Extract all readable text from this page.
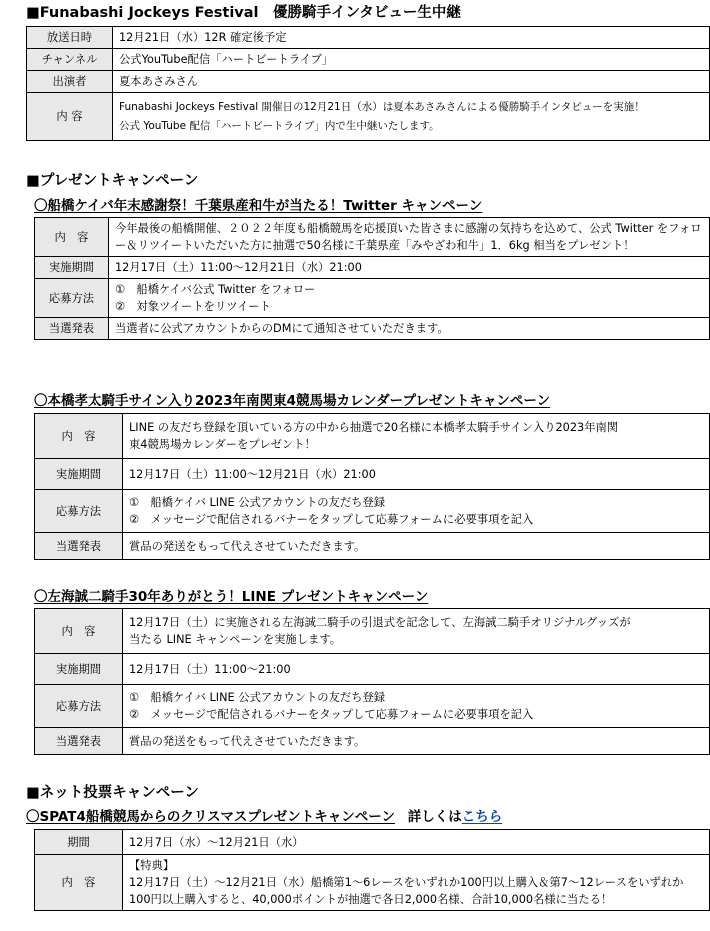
■Funabashi Jockeys Festival　優勝騎手インタビュー生中継
放送日時	12月21日（水）12R 確定後予定

チャンネル	公式YouTube配信「ハートビートライブ」

出演者	夏本あさみさん

内 容	Funabashi Jockeys Festival 開催日の12月21日（水）は夏本あさみさんによる優勝騎手インタビューを実施！
公式 YouTube 配信「ハートビートライブ」内で生中継いたします。
■プレゼントキャンペーン
〇船橋ケイバ年末感謝祭！千葉県産和牛が当たる！Twitter キャンペーン
内　容	今年最後の船橋開催、２０２２年度も船橋競馬を応援頂いた皆さまに感謝の気持ちを込めて、公式 Twitter をフォロー＆リツイートいただいた方に抽選で50名様に千葉県産「みやざわ和牛」1．6kg 相当をプレゼント！

実施期間	12月17日（土）11:00～12月21日（水）21:00

応募方法	①　船橋ケイバ公式 Twitter をフォロー
②　対象ツイートをリツイート

当選発表	当選者に公式アカウントからのDMにて通知させていただきます。
〇本橋孝太騎手サイン入り2023年南関東4競馬場カレンダープレゼントキャンペーン
内　容	LINE の友だち登録を頂いている方の中から抽選で20名様に本橋孝太騎手サイン入り2023年南関
東4競馬場カレンダーをプレゼント！

実施期間	12月17日（土）11:00～12月21日（水）21:00

応募方法	①　船橋ケイバ LINE 公式アカウントの友だち登録
②　メッセージで配信されるバナーをタップして応募フォームに必要事項を記入

当選発表	賞品の発送をもって代えさせていただきます。
〇左海誠二騎手30年ありがとう！LINE プレゼントキャンペーン
内　容	12月17日（土）に実施される左海誠二騎手の引退式を記念して、左海誠二騎手オリジナルグッズが
当たる LINE キャンペーンを実施します。

実施期間	12月17日（土）11:00～21:00

応募方法	①　船橋ケイバ LINE 公式アカウントの友だち登録
②　メッセージで配信されるバナーをタップして応募フォームに必要事項を記入

当選発表	賞品の発送をもって代えさせていただきます。
■ネット投票キャンペーン
〇SPAT4船橋競馬からのクリスマスプレゼントキャンペーン 詳しくはこちら
期間	12月7日（水）～12月21日（水）

内　容	【特典】
12月17日（土）～12月21日（水）船橋第1～6レースをいずれか100円以上購入＆第7～12レースをいずれか100円以上購入すると、40,000ポイントが抽選で各日2,000名様、合計10,000名様に当たる！
